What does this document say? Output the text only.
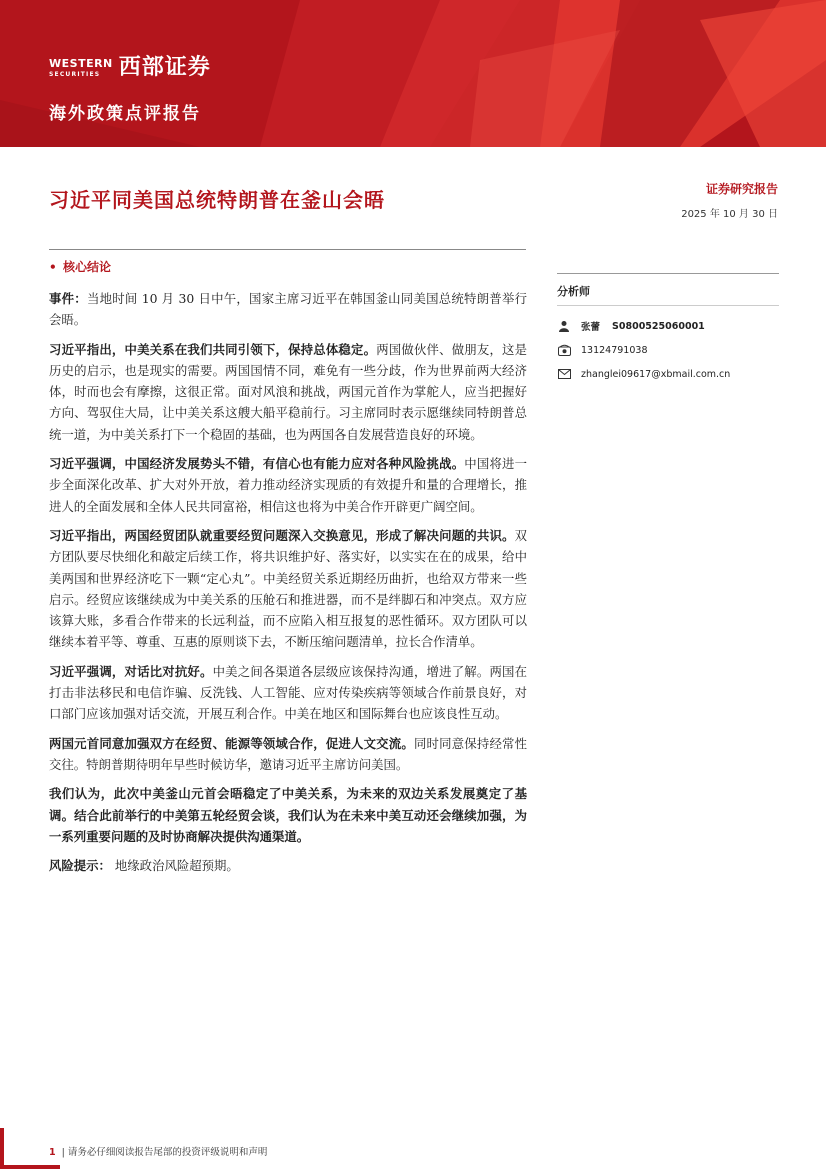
WESTERN
SECURITIES 西部证券
海外政策点评报告
习近平同美国总统特朗普在釜山会晤	证券研究报告
2025 年 10 月 30 日
• 核心结论

事件：当地时间 10 月 30 日中午，国家主席习近平在韩国釜山同美国总统特朗普举行会晤。

习近平指出，中美关系在我们共同引领下，保持总体稳定。两国做伙伴、做朋友，这是历史的启示，也是现实的需要。两国国情不同，难免有一些分歧，作为世界前两大经济体，时而也会有摩擦，这很正常。面对风浪和挑战，两国元首作为掌舵人，应当把握好方向、驾驭住大局，让中美关系这艘大船平稳前行。习主席同时表示愿继续同特朗普总统一道，为中美关系打下一个稳固的基础，也为两国各自发展营造良好的环境。

习近平强调，中国经济发展势头不错，有信心也有能力应对各种风险挑战。中国将进一步全面深化改革、扩大对外开放，着力推动经济实现质的有效提升和量的合理增长，推进人的全面发展和全体人民共同富裕，相信这也将为中美合作开辟更广阔空间。

习近平指出，两国经贸团队就重要经贸问题深入交换意见，形成了解决问题的共识。双方团队要尽快细化和敲定后续工作，将共识维护好、落实好，以实实在在的成果，给中美两国和世界经济吃下一颗“定心丸”。中美经贸关系近期经历曲折，也给双方带来一些启示。经贸应该继续成为中美关系的压舱石和推进器，而不是绊脚石和冲突点。双方应该算大账，多看合作带来的长远利益，而不应陷入相互报复的恶性循环。双方团队可以继续本着平等、尊重、互惠的原则谈下去，不断压缩问题清单，拉长合作清单。

习近平强调，对话比对抗好。中美之间各渠道各层级应该保持沟通，增进了解。两国在打击非法移民和电信诈骗、反洗钱、人工智能、应对传染疾病等领域合作前景良好，对口部门应该加强对话交流，开展互利合作。中美在地区和国际舞台也应该良性互动。

两国元首同意加强双方在经贸、能源等领域合作，促进人文交流。同时同意保持经常性交往。特朗普期待明年早些时候访华，邀请习近平主席访问美国。

我们认为，此次中美釜山元首会晤稳定了中美关系，为未来的双边关系发展奠定了基调。结合此前举行的中美第五轮经贸会谈，我们认为在未来中美互动还会继续加强，为一系列重要问题的及时协商解决提供沟通渠道。

风险提示： 地缘政治风险超预期。

分析师
张蕾 S0800525060001
13124791038
zhanglei09617@xbmail.com.cn
1 | 请务必仔细阅读报告尾部的投资评级说明和声明
